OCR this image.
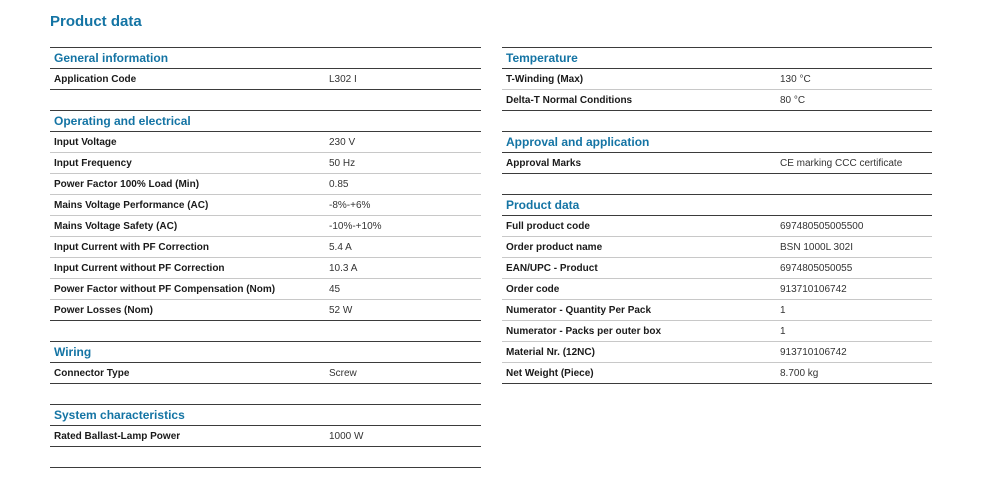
Product data
General information
Application Code	L302 I
Operating and electrical
Input Voltage	230 V
Input Frequency	50 Hz
Power Factor 100% Load (Min)	0.85
Mains Voltage Performance (AC)	-8%-+6%
Mains Voltage Safety (AC)	-10%-+10%
Input Current with PF Correction	5.4 A
Input Current without PF Correction	10.3 A
Power Factor without PF Compensation (Nom)	45
Power Losses (Nom)	52 W
Wiring
Connector Type	Screw
System characteristics
Rated Ballast-Lamp Power	1000 W
Temperature
T-Winding (Max)	130 °C
Delta-T Normal Conditions	80 °C
Approval and application
Approval Marks	CE marking CCC certificate
Product data
Full product code	697480505005500
Order product name	BSN 1000L 302I
EAN/UPC - Product	6974805050055
Order code	913710106742
Numerator - Quantity Per Pack	1
Numerator - Packs per outer box	1
Material Nr. (12NC)	913710106742
Net Weight (Piece)	8.700 kg
